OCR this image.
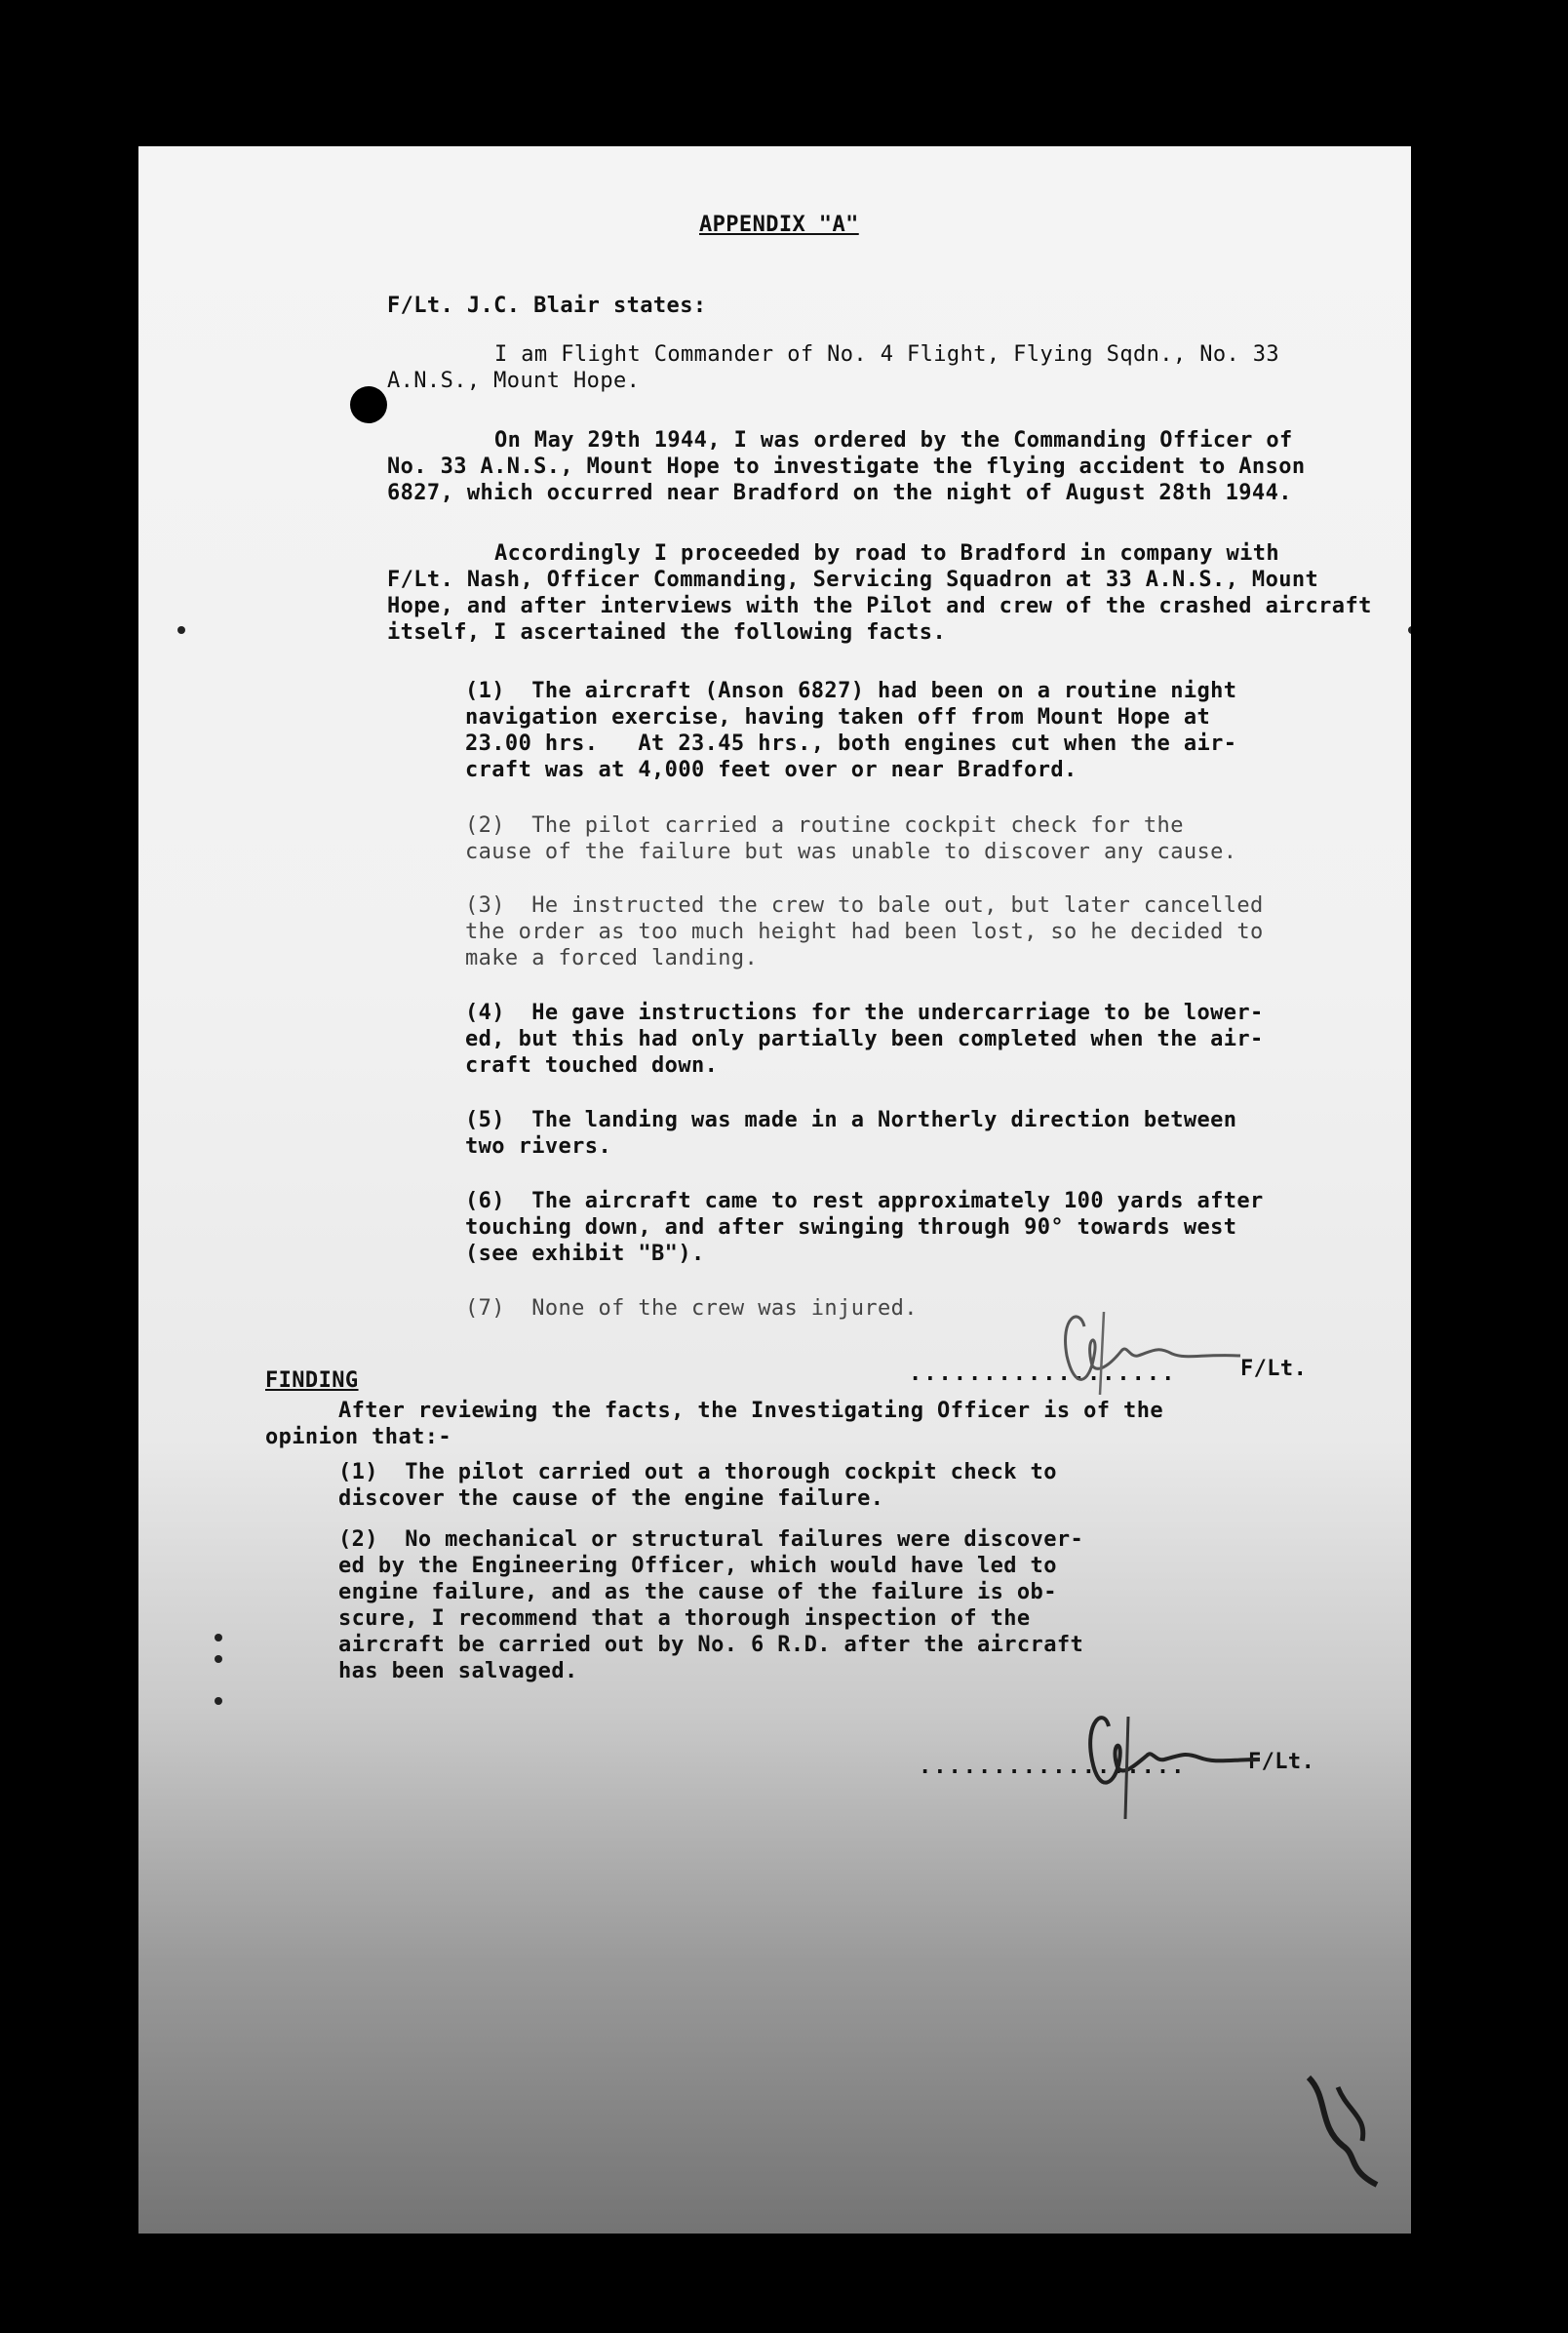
APPENDIX "A"
F/Lt. J.C. Blair states:
I am Flight Commander of No. 4 Flight, Flying Sqdn., No. 33
A.N.S., Mount Hope.
On May 29th 1944, I was ordered by the Commanding Officer of
No. 33 A.N.S., Mount Hope to investigate the flying accident to Anson
6827, which occurred near Bradford on the night of August 28th 1944.
Accordingly I proceeded by road to Bradford in company with
F/Lt. Nash, Officer Commanding, Servicing Squadron at 33 A.N.S., Mount
Hope, and after interviews with the Pilot and crew of the crashed aircraft
itself, I ascertained the following facts.
(1)  The aircraft (Anson 6827) had been on a routine night
navigation exercise, having taken off from Mount Hope at
23.00 hrs.   At 23.45 hrs., both engines cut when the air-
craft was at 4,000 feet over or near Bradford.
(2)  The pilot carried a routine cockpit check for the
cause of the failure but was unable to discover any cause.
(3)  He instructed the crew to bale out, but later cancelled
the order as too much height had been lost, so he decided to
make a forced landing.
(4)  He gave instructions for the undercarriage to be lower-
ed, but this had only partially been completed when the air-
craft touched down.
(5)  The landing was made in a Northerly direction between
two rivers.
(6)  The aircraft came to rest approximately 100 yards after
touching down, and after swinging through 90° towards west
(see exhibit "B").
(7)  None of the crew was injured.
..................	F/Lt.
FINDING
After reviewing the facts, the Investigating Officer is of the
opinion that:-
(1)  The pilot carried out a thorough cockpit check to
discover the cause of the engine failure.
(2)  No mechanical or structural failures were discover-
ed by the Engineering Officer, which would have led to
engine failure, and as the cause of the failure is ob-
scure, I recommend that a thorough inspection of the
aircraft be carried out by No. 6 R.D. after the aircraft
has been salvaged.
..................	F/Lt.
